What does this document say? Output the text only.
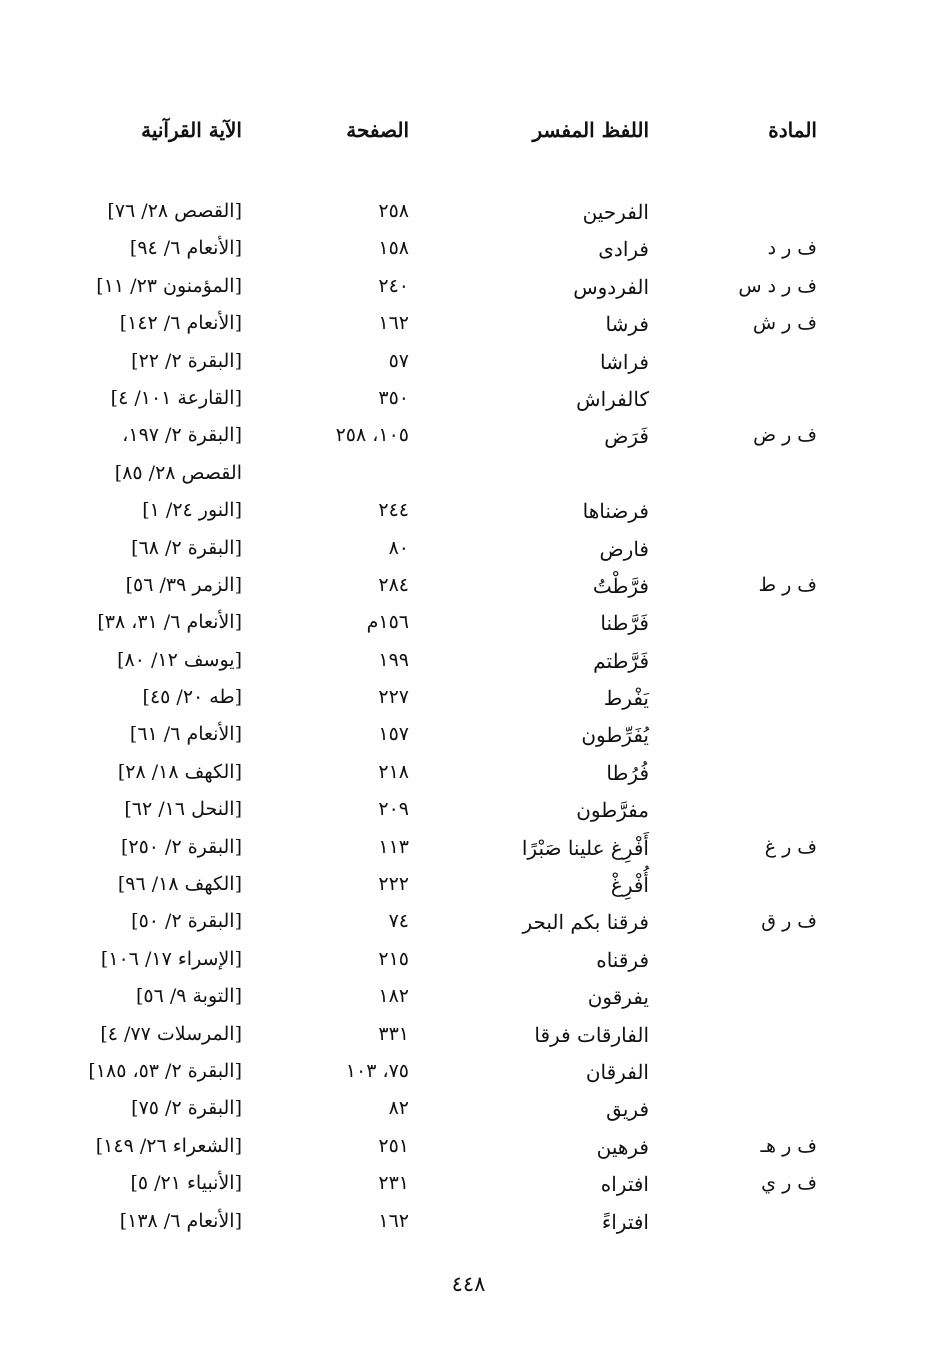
المادة
اللفظ المفسر
الصفحة
الآية القرآنية
الفرحين
٢٥٨
[القصص ٢٨/ ٧٦]
ف ر د
فرادى
١٥٨
[الأنعام ٦/ ٩٤]
ف ر د س
الفردوس
٢٤٠
[المؤمنون ٢٣/ ١١]
ف ر ش
فرشا
١٦٢
[الأنعام ٦/ ١٤٢]
فراشا
٥٧
[البقرة ٢/ ٢٢]
كالفراش
٣٥٠
[القارعة ١٠١/ ٤]
ف ر ض
فَرَض
١٠٥، ٢٥٨
[البقرة ٢/ ١٩٧،
القصص ٢٨/ ٨٥]
فرضناها
٢٤٤
[النور ٢٤/ ١]
فارض
٨٠
[البقرة ٢/ ٦٨]
ف ر ط
فرَّطْتُ
٢٨٤
[الزمر ٣٩/ ٥٦]
فَرَّطنا
١٥٦م
[الأنعام ٦/ ٣١، ٣٨]
فَرَّطتم
١٩٩
[يوسف ١٢/ ٨٠]
يَفْرط
٢٢٧
[طه ٢٠/ ٤٥]
يُفَرِّطون
١٥٧
[الأنعام ٦/ ٦١]
فُرُطا
٢١٨
[الكهف ١٨/ ٢٨]
مفرَّطون
٢٠٩
[النحل ١٦/ ٦٢]
ف ر غ
أَفْرِغ علينا صَبْرًا
١١٣
[البقرة ٢/ ٢٥٠]
أُفْرِغْ
٢٢٢
[الكهف ١٨/ ٩٦]
ف ر ق
فرقنا بكم البحر
٧٤
[البقرة ٢/ ٥٠]
فرقناه
٢١٥
[الإسراء ١٧/ ١٠٦]
يفرقون
١٨٢
[التوبة ٩/ ٥٦]
الفارقات فرقا
٣٣١
[المرسلات ٧٧/ ٤]
الفرقان
٧٥، ١٠٣
[البقرة ٢/ ٥٣، ١٨٥]
فريق
٨٢
[البقرة ٢/ ٧٥]
ف ر هـ
فرهين
٢٥١
[الشعراء ٢٦/ ١٤٩]
ف ر ي
افتراه
٢٣١
[الأنبياء ٢١/ ٥]
افتراءً
١٦٢
[الأنعام ٦/ ١٣٨]
٤٤٨
